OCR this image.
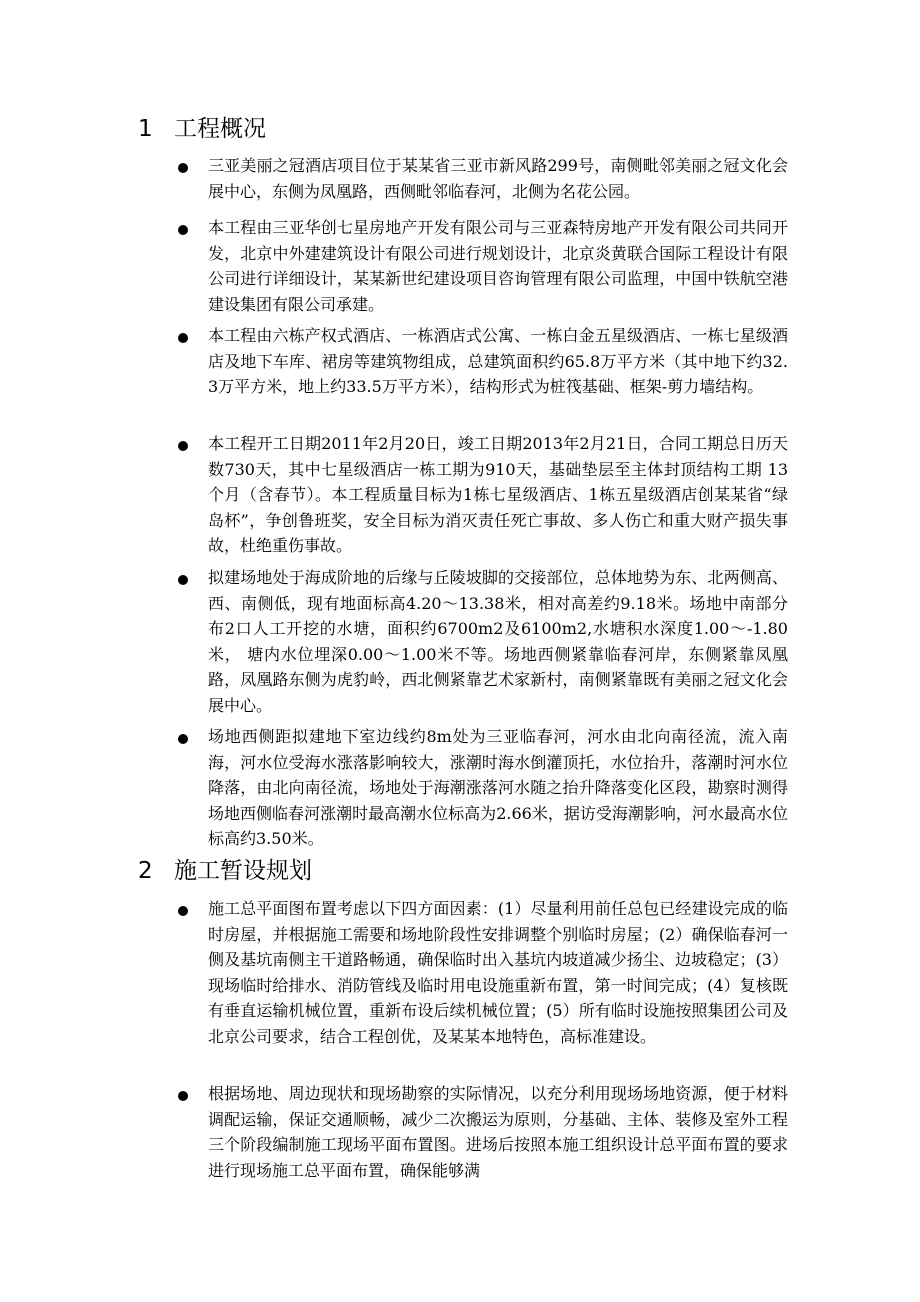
1 工程概况
三亚美丽之冠酒店项目位于某某省三亚市新风路299号，南侧毗邻美丽之冠文化会展中心，东侧为凤凰路，西侧毗邻临春河，北侧为名花公园。
本工程由三亚华创七星房地产开发有限公司与三亚森特房地产开发有限公司共同开发，北京中外建建筑设计有限公司进行规划设计，北京炎黄联合国际工程设计有限公司进行详细设计，某某新世纪建设项目咨询管理有限公司监理，中国中铁航空港建设集团有限公司承建。
本工程由六栋产权式酒店、一栋酒店式公寓、一栋白金五星级酒店、一栋七星级酒店及地下车库、裙房等建筑物组成，总建筑面积约65.8万平方米（其中地下约32.3万平方米，地上约33.5万平方米），结构形式为桩筏基础、框架-剪力墙结构。
本工程开工日期2011年2月20日，竣工日期2013年2月21日，合同工期总日历天数730天，其中七星级酒店一栋工期为910天，基础垫层至主体封顶结构工期 13个月（含春节）。本工程质量目标为1栋七星级酒店、1栋五星级酒店创某某省“绿岛杯”，争创鲁班奖，安全目标为消灭责任死亡事故、多人伤亡和重大财产损失事故，杜绝重伤事故。
拟建场地处于海成阶地的后缘与丘陵坡脚的交接部位，总体地势为东、北两侧高、西、南侧低，现有地面标高4.20～13.38米，相对高差约9.18米。场地中南部分布2口人工开挖的水塘，面积约6700m2及6100m2,水塘积水深度1.00～-1.80米， 塘内水位埋深0.00～1.00米不等。场地西侧紧靠临春河岸，东侧紧靠凤凰路，凤凰路东侧为虎豹岭，西北侧紧靠艺术家新村，南侧紧靠既有美丽之冠文化会展中心。
场地西侧距拟建地下室边线约8m处为三亚临春河，河水由北向南径流，流入南海，河水位受海水涨落影响较大，涨潮时海水倒灌顶托，水位抬升，落潮时河水位降落，由北向南径流，场地处于海潮涨落河水随之抬升降落变化区段，勘察时测得场地西侧临春河涨潮时最高潮水位标高为2.66米，据访受海潮影响，河水最高水位标高约3.50米。
2 施工暂设规划
施工总平面图布置考虑以下四方面因素：(1）尽量利用前任总包已经建设完成的临时房屋，并根据施工需要和场地阶段性安排调整个别临时房屋；(2）确保临春河一侧及基坑南侧主干道路畅通，确保临时出入基坑内坡道减少扬尘、边坡稳定；(3）现场临时给排水、消防管线及临时用电设施重新布置，第一时间完成；(4）复核既有垂直运输机械位置，重新布设后续机械位置；(5）所有临时设施按照集团公司及北京公司要求，结合工程创优，及某某本地特色，高标准建设。
根据场地、周边现状和现场勘察的实际情况，以充分利用现场场地资源，便于材料调配运输，保证交通顺畅，减少二次搬运为原则，分基础、主体、装修及室外工程三个阶段编制施工现场平面布置图。进场后按照本施工组织设计总平面布置的要求进行现场施工总平面布置，确保能够满
